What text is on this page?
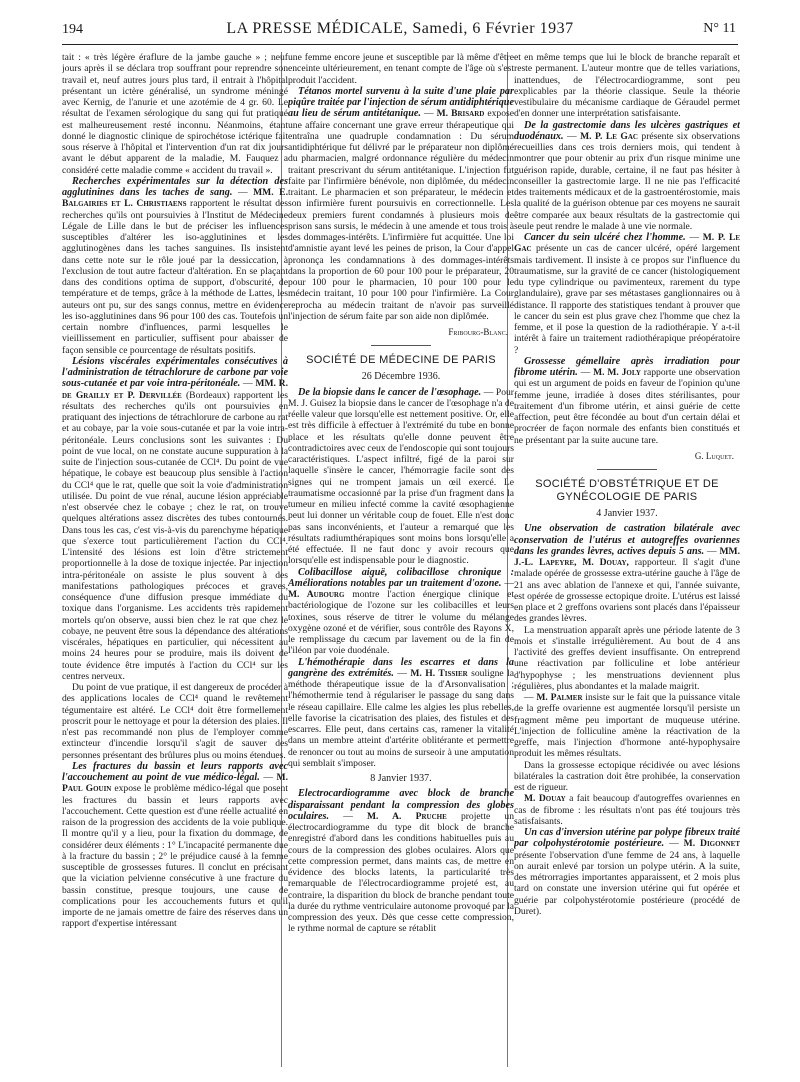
194	LA PRESSE MÉDICALE, Samedi, 6 Février 1937	N° 11

tait : « très légère éraflure de la jambe gauche » ; neuf jours après il se déclara trop souffrant pour reprendre son travail et, neuf autres jours plus tard, il entrait à l'hôpital présentant un ictère généralisé, un syndrome méningé avec Kernig, de l'anurie et une azotémie de 4 gr. 60. Le résultat de l'examen sérologique du sang qui fut pratiqué est malheureusement resté inconnu. Néanmoins, étant donné le diagnostic clinique de spirochétose ictérique fait sous réserve à l'hôpital et l'intervention d'un rat dix jours avant le début apparent de la maladie, M. Fauquez a considéré cette maladie comme « accident du travail ».

Recherches expérimentales sur la détection des agglutinines dans les taches de sang. — MM. E. Balgairies et L. Christiaens rapportent le résultat des recherches qu'ils ont poursuivies à l'Institut de Médecine Légale de Lille dans le but de préciser les influences susceptibles d'altérer les iso-agglutinines et les agglutinogènes dans les taches sanguines. Ils insistent dans cette note sur le rôle joué par la dessiccation, à l'exclusion de tout autre facteur d'altération. En se plaçant dans des conditions optima de support, d'obscurité, de température et de temps, grâce à la méthode de Lattes, les auteurs ont pu, sur des sangs connus, mettre en évidence les iso-agglutinines dans 96 pour 100 des cas. Toutefois un certain nombre d'influences, parmi lesquelles le vieillissement en particulier, suffisent pour abaisser de façon sensible ce pourcentage de résultats positifs.

Lésions viscérales expérimentales consécutives à l'administration de tétrachlorure de carbone par voie sous-cutanée et par voie intra-péritonéale. — MM. R. de Grailly et P. Dervillée (Bordeaux) rapportent les résultats des recherches qu'ils ont poursuivies en pratiquant des injections de tétrachlorure de carbone au rat et au cobaye, par la voie sous-cutanée et par la voie intra-péritonéale. Leurs conclusions sont les suivantes : Du point de vue local, on ne constate aucune suppuration à la suite de l'injection sous-cutanée de CCl⁴. Du point de vue hépatique, le cobaye est beaucoup plus sensible à l'action du CCl⁴ que le rat, quelle que soit la voie d'administration utilisée. Du point de vue rénal, aucune lésion appréciable n'est observée chez le cobaye ; chez le rat, on trouve quelques altérations assez discrètes des tubes contournés. Dans tous les cas, c'est vis-à-vis du parenchyme hépatique que s'exerce tout particulièrement l'action du CCl⁴. L'intensité des lésions est loin d'être strictement proportionnelle à la dose de toxique injectée. Par injection intra-péritonéale on assiste le plus souvent à des manifestations pathologiques précoces et graves, conséquence d'une diffusion presque immédiate du toxique dans l'organisme. Les accidents très rapidement mortels qu'on observe, aussi bien chez le rat que chez le cobaye, ne peuvent être sous la dépendance des altérations viscérales, hépatiques en particulier, qui nécessitent au moins 24 heures pour se produire, mais ils doivent de toute évidence être imputés à l'action du CCl⁴ sur les centres nerveux.

Du point de vue pratique, il est dangereux de procéder à des applications locales de CCl⁴ quand le revêtement tégumentaire est altéré. Le CCl⁴ doit être formellement proscrit pour le nettoyage et pour la détersion des plaies. Il n'est pas recommandé non plus de l'employer comme extincteur d'incendie lorsqu'il s'agit de sauver des personnes présentant des brûlures plus ou moins étendues.

Les fractures du bassin et leurs rapports avec l'accouchement au point de vue médico-légal. — M. Paul Gouin expose le problème médico-légal que posent les fractures du bassin et leurs rapports avec l'accouchement. Cette question est d'une réelle actualité en raison de la progression des accidents de la voie publique. Il montre qu'il y a lieu, pour la fixation du dommage, de considérer deux éléments : 1° L'incapacité permanente due à la fracture du bassin ; 2° le préjudice causé à la femme susceptible de grossesses futures. Il conclut en précisant que la viciation pelvienne consécutive à une fracture du bassin constitue, presque toujours, une cause de complications pour les accouchements futurs et qu'il importe de ne jamais omettre de faire des réserves dans un rapport d'expertise intéressant

une femme encore jeune et susceptible par là même d'être enceinte ultérieurement, en tenant compte de l'âge où s'est produit l'accident.

Tétanos mortel survenu à la suite d'une plaie par piqûre traitée par l'injection de sérum antidiphtérique au lieu de sérum antitétanique. — M. Brisard expose une affaire concernant une grave erreur thérapeutique qui entraîna une quadruple condamnation : Du sérum antidiphtérique fut délivré par le préparateur non diplômé du pharmacien, malgré ordonnance régulière du médecin traitant prescrivant du sérum antitétanique. L'injection fut faite par l'infirmière bénévole, non diplômée, du médecin traitant. Le pharmacien et son préparateur, le médecin et son infirmière furent poursuivis en correctionnelle. Les deux premiers furent condamnés à plusieurs mois de prison sans sursis, le médecin à une amende et tous trois à des dommages-intérêts. L'infirmière fut acquittée. Une loi d'amnistie ayant levé les peines de prison, la Cour d'appel prononça les condamnations à des dommages-intérêts dans la proportion de 60 pour 100 pour le préparateur, 20 pour 100 pour le pharmacien, 10 pour 100 pour le médecin traitant, 10 pour 100 pour l'infirmière. La Cour reprocha au médecin traitant de n'avoir pas surveillé l'injection de sérum faite par son aide non diplômée.

Fribourg-Blanc.
SOCIÉTÉ DE MÉDECINE DE PARIS
26 Décembre 1936.

De la biopsie dans le cancer de l'œsophage. — Pour M. J. Guisez la biopsie dans le cancer de l'œsophage n'a de réelle valeur que lorsqu'elle est nettement positive. Or, elle est très difficile à effectuer à l'extrémité du tube en bonne place et les résultats qu'elle donne peuvent être contradictoires avec ceux de l'endoscopie qui sont toujours caractéristiques. L'aspect infiltré, figé de la paroi sur laquelle s'insère le cancer, l'hémorragie facile sont des signes qui ne trompent jamais un œil exercé. Le traumatisme occasionné par la prise d'un fragment dans la tumeur en milieu infecté comme la cavité œsophagienne peut lui donner un véritable coup de fouet. Elle n'est donc pas sans inconvénients, et l'auteur a remarqué que les résultats radiumthérapiques sont moins bons lorsqu'elle a été effectuée. Il ne faut donc y avoir recours que lorsqu'elle est indispensable pour le diagnostic.

Colibacillose aiguë, colibacillose chronique : Améliorations notables par un traitement d'ozone. — M. Aubourg montre l'action énergique clinique et bactériologique de l'ozone sur les colibacilles et leurs toxines, sous réserve de titrer le volume du mélange oxygène ozoné et de vérifier, sous contrôle des Rayons X, le remplissage du cæcum par lavement ou de la fin de l'iléon par voie duodénale.

L'hémothérapie dans les escarres et dans la gangrène des extrémités. — M. H. Tissier souligne la méthode thérapeutique issue de la d'Arsonvalisation ; l'hémothermie tend à régulariser le passage du sang dans le réseau capillaire. Elle calme les algies les plus rebelles, elle favorise la cicatrisation des plaies, des fistules et des escarres. Elle peut, dans certains cas, ramener la vitalité dans un membre atteint d'artérite oblitérante et permettre de renoncer ou tout au moins de surseoir à une amputation qui semblait s'imposer.

8 Janvier 1937.

Electrocardiogramme avec block de branche disparaissant pendant la compression des globes oculaires. — M. A. Pruche projette un électrocardiogramme du type dit block de branche enregistré d'abord dans les conditions habituelles puis au cours de la compression des globes oculaires. Alors que cette compression permet, dans maints cas, de mettre en évidence des blocks latents, la particularité très remarquable de l'électrocardiogramme projeté est, au contraire, la disparition du block de branche pendant toute la durée du rythme ventriculaire autonome provoqué par la compression des yeux. Dès que cesse cette compression, le rythme normal de capture se rétablit

et en même temps que lui le block de branche reparaît et reste permanent. L'auteur montre que de telles variations, inattendues, de l'électrocardiogramme, sont peu explicables par la théorie classique. Seule la théorie vestibulaire du mécanisme cardiaque de Géraudel permet d'en donner une interprétation satisfaisante.

De la gastrectomie dans les ulcères gastriques et duodénaux. — M. P. Le Gac présente six observations recueillies dans ces trois derniers mois, qui tendent à montrer que pour obtenir au prix d'un risque minime une guérison rapide, durable, certaine, il ne faut pas hésiter à conseiller la gastrectomie large. Il ne nie pas l'efficacité des traitements médicaux et de la gastroentérostomie, mais la qualité de la guérison obtenue par ces moyens ne saurait être comparée aux beaux résultats de la gastrectomie qui seule peut rendre le malade à une vie normale.

Cancer du sein ulcéré chez l'homme. — M. P. Le Gac présente un cas de cancer ulcéré, opéré largement mais tardivement. Il insiste à ce propos sur l'influence du traumatisme, sur la gravité de ce cancer (histologiquement du type cylindrique ou pavimenteux, rarement du type glandulaire), grave par ses métastases ganglionnaires ou à distance. Il rapporte des statistiques tendant à prouver que le cancer du sein est plus grave chez l'homme que chez la femme, et il pose la question de la radiothérapie. Y a-t-il intérêt à faire un traitement radiothérapique préopératoire ?

Grossesse gémellaire après irradiation pour fibrome utérin. — M. M. Joly rapporte une observation qui est un argument de poids en faveur de l'opinion qu'une femme jeune, irradiée à doses dites stérilisantes, pour traitement d'un fibrome utérin, et ainsi guérie de cette affection, peut être fécondée au bout d'un certain délai et procréer de façon normale des enfants bien constitués et ne présentant par la suite aucune tare.

G. Luquet.
SOCIÉTÉ D'OBSTÉTRIQUE ET DE GYNÉCOLOGIE DE PARIS
4 Janvier 1937.

Une observation de castration bilatérale avec conservation de l'utérus et autogreffes ovariennes dans les grandes lèvres, actives depuis 5 ans. — MM. J.-L. Lapeyre, M. Douay, rapporteur. Il s'agit d'une malade opérée de grossesse extra-utérine gauche à l'âge de 21 ans avec ablation de l'annexe et qui, l'année suivante, est opérée de grossesse ectopique droite. L'utérus est laissé en place et 2 greffons ovariens sont placés dans l'épaisseur des grandes lèvres.

La menstruation apparaît après une période latente de 3 mois et s'installe irrégulièrement. Au bout de 4 ans l'activité des greffes devient insuffisante. On entreprend une réactivation par folliculine et lobe antérieur d'hypophyse ; les menstruations deviennent plus régulières, plus abondantes et la malade maigrit.

— M. Palmer insiste sur le fait que la puissance vitale de la greffe ovarienne est augmentée lorsqu'il persiste un fragment même peu important de muqueuse utérine. L'injection de folliculine amène la réactivation de la greffe, mais l'injection d'hormone anté-hypophysaire produit les mêmes résultats.

Dans la grossesse ectopique récidivée ou avec lésions bilatérales la castration doit être prohibée, la conservation est de rigueur.

M. Douay a fait beaucoup d'autogreffes ovariennes en cas de fibrome : les résultats n'ont pas été toujours très satisfaisants.

Un cas d'inversion utérine par polype fibreux traité par colpohystérotomie postérieure. — M. Digonnet présente l'observation d'une femme de 24 ans, à laquelle on aurait enlevé par torsion un polype utérin. A la suite, des métrorragies importantes apparaissent, et 2 mois plus tard on constate une inversion utérine qui fut opérée et guérie par colpohystérotomie postérieure (procédé de Duret).
